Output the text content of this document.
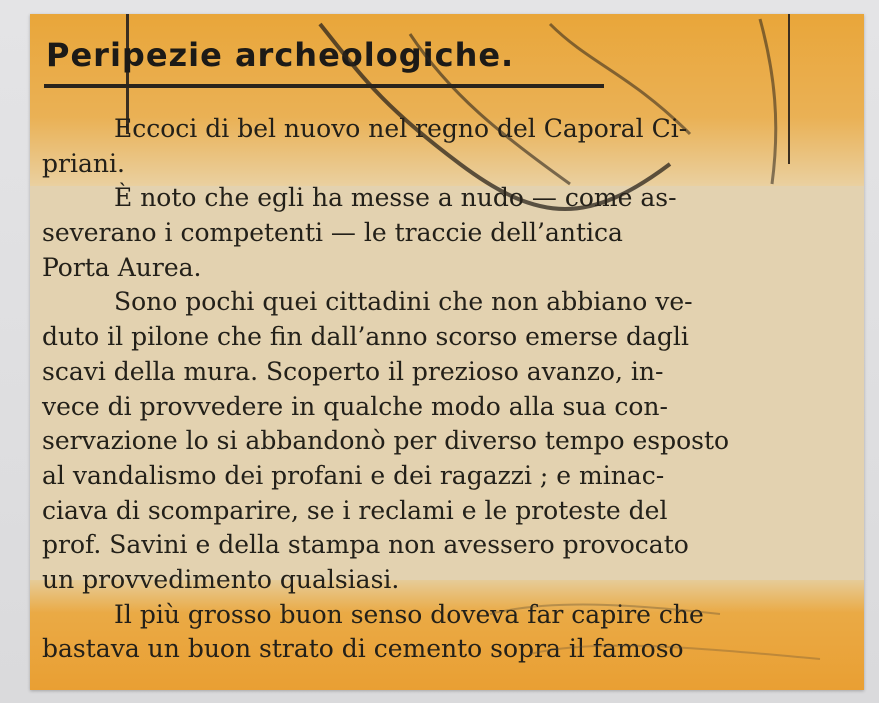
Peripezie archeologiche.
Eccoci di bel nuovo nel regno del Caporal Ci-
priani.
È noto che egli ha messe a nudo — come as-
severano i competenti — le traccie dell’antica
Porta Aurea.
Sono pochi quei cittadini che non abbiano ve-
duto il pilone che fin dall’anno scorso emerse dagli
scavi della mura. Scoperto il prezioso avanzo, in-
vece di provvedere in qualche modo alla sua con-
servazione lo si abbandonò per diverso tempo esposto
al vandalismo dei profani e dei ragazzi ; e minac-
ciava di scomparire, se i reclami e le proteste del
prof. Savini e della stampa non avessero provocato
un provvedimento qualsiasi.
Il più grosso buon senso doveva far capire che
bastava un buon strato di cemento sopra il famoso
